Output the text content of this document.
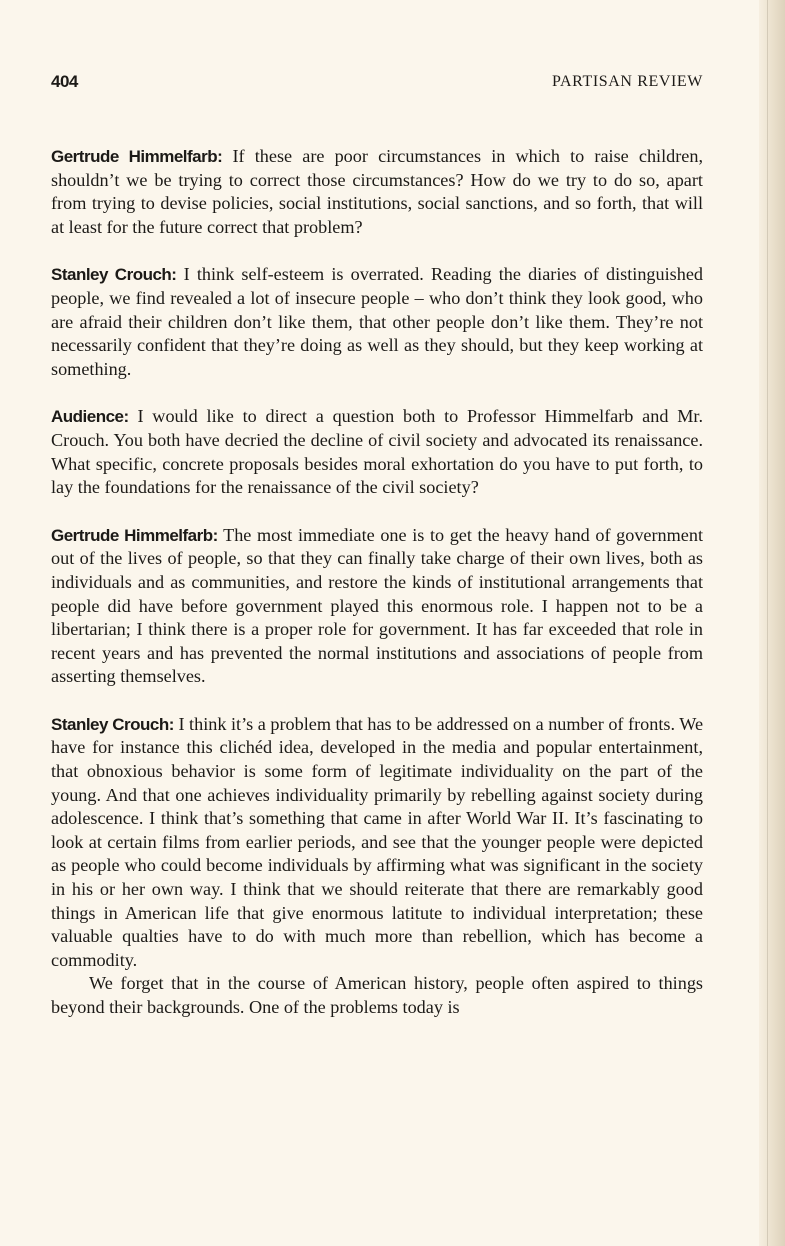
404	PARTISAN REVIEW

Gertrude Himmelfarb: If these are poor circumstances in which to raise children, shouldn’t we be trying to correct those circumstances? How do we try to do so, apart from trying to devise policies, social institutions, social sanctions, and so forth, that will at least for the future correct that problem?

Stanley Crouch: I think self-esteem is overrated. Reading the diaries of distinguished people, we find revealed a lot of insecure people – who don’t think they look good, who are afraid their children don’t like them, that other people don’t like them. They’re not necessarily confident that they’re doing as well as they should, but they keep working at something.

Audience: I would like to direct a question both to Professor Himmelfarb and Mr. Crouch. You both have decried the decline of civil society and advocated its renaissance. What specific, concrete proposals besides moral exhortation do you have to put forth, to lay the foundations for the renaissance of the civil society?

Gertrude Himmelfarb: The most immediate one is to get the heavy hand of government out of the lives of people, so that they can finally take charge of their own lives, both as individuals and as communities, and restore the kinds of institutional arrangements that people did have before government played this enormous role. I happen not to be a libertarian; I think there is a proper role for government. It has far exceeded that role in recent years and has prevented the normal institutions and associations of people from asserting themselves.

Stanley Crouch: I think it’s a problem that has to be addressed on a number of fronts. We have for instance this clichéd idea, developed in the media and popular entertainment, that obnoxious behavior is some form of legitimate individuality on the part of the young. And that one achieves individuality primarily by rebelling against society during adolescence. I think that’s something that came in after World War II. It’s fascinating to look at certain films from earlier periods, and see that the younger people were depicted as people who could become individuals by affirming what was significant in the society in his or her own way. I think that we should reiterate that there are remarkably good things in American life that give enormous latitute to individual interpretation; these valuable qualties have to do with much more than rebellion, which has become a commodity.

We forget that in the course of American history, people often aspired to things beyond their backgrounds. One of the problems today is
